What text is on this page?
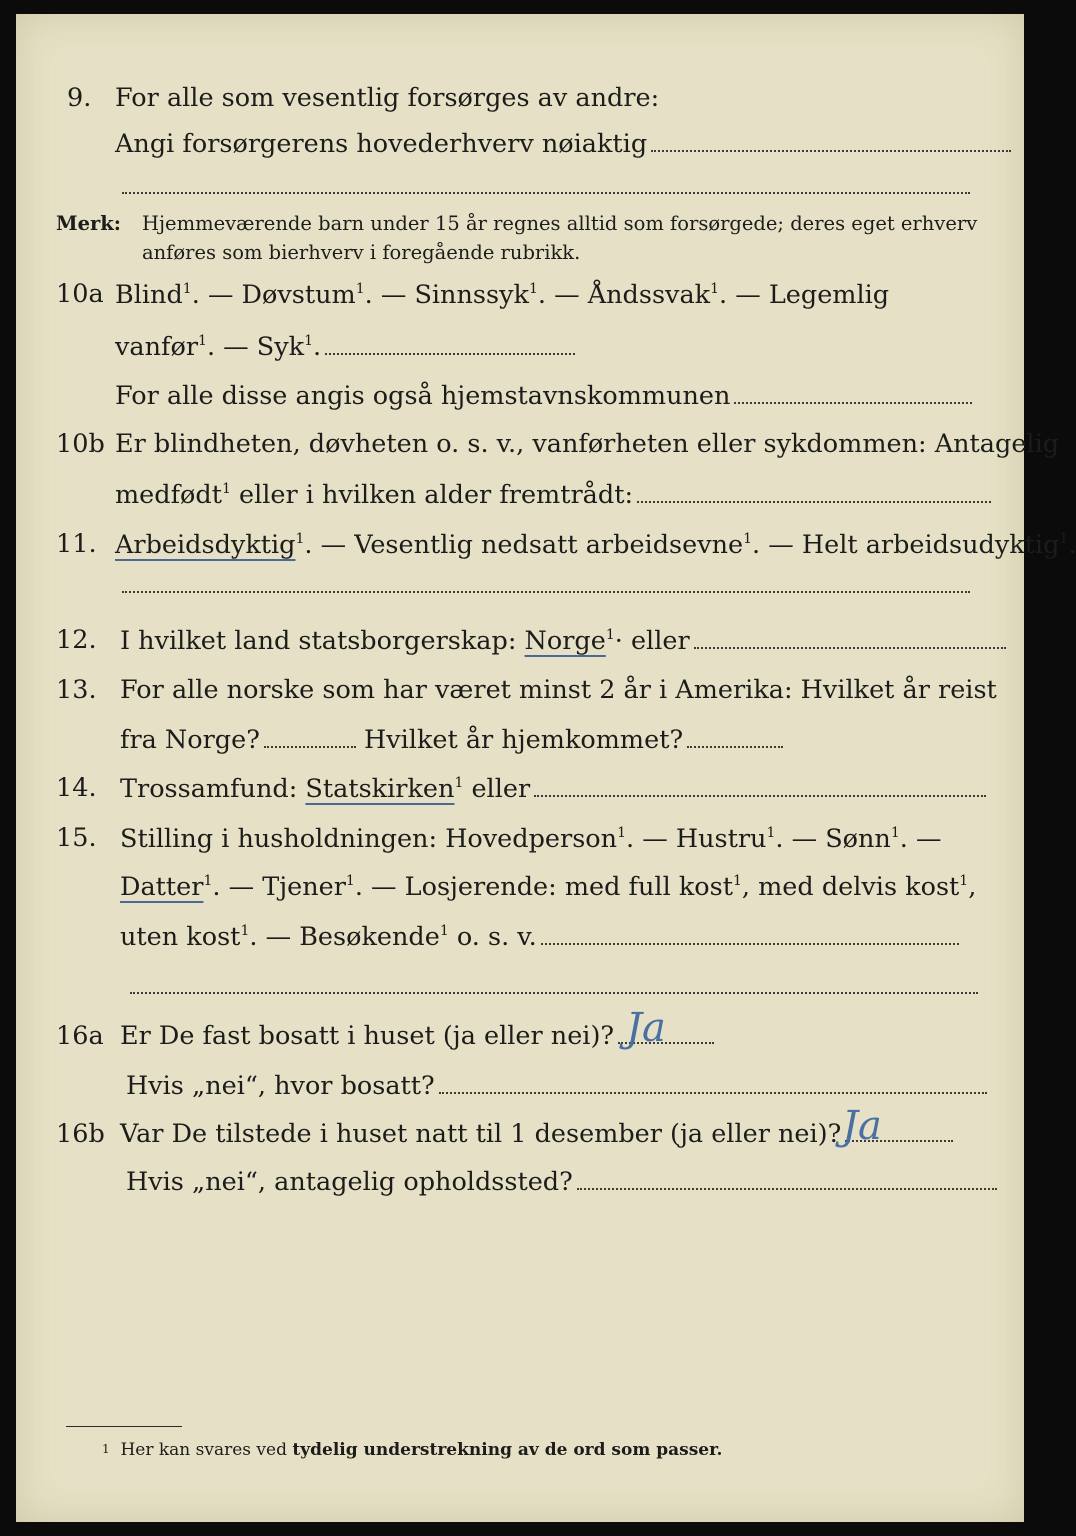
9. For alle som vesentlig forsørges av andre:
Angi forsørgerens hovederhverv nøiaktig
Merk: Hjemmeværende barn under 15 år regnes alltid som forsørgede; deres eget erhverv
anføres som bierhverv i foregående rubrikk.
10a Blind$^1$. — Døvstum$^1$. — Sinnssyk$^1$. — Åndssvak$^1$. — Legemlig
vanfør$^1$. — Syk$^1$.
For alle disse angis også hjemstavnskommunen
10b Er blindheten, døvheten o. s. v., vanførheten eller sykdommen: Antagelig
medfødt$^1$ eller i hvilken alder fremtrådt:
11. Arbeidsdyktig$^1$. — Vesentlig nedsatt arbeidsevne$^1$. — Helt arbeidsudyktig$^1$.
12. I hvilket land statsborgerskap: Norge$^1$· eller
13. For alle norske som har været minst 2 år i Amerika: Hvilket år reist
fra Norge?	Hvilket år hjemkommet?
14. Trossamfund: Statskirken$^1$ eller
15. Stilling i husholdningen: Hovedperson$^1$. — Hustru$^1$. — Sønn$^1$. —
Datter$^1$. — Tjener$^1$. — Losjerende: med full kost$^1$, med delvis kost$^1$,
uten kost$^1$. — Besøkende$^1$ o. s. v.
16a Er De fast bosatt i huset (ja eller nei)? Ja
Hvis „nei“, hvor bosatt?
16b Var De tilstede i huset natt til 1 desember (ja eller nei)? Ja
Hvis „nei“, antagelig opholdssted?
1 Her kan svares ved tydelig understrekning av de ord som passer.
